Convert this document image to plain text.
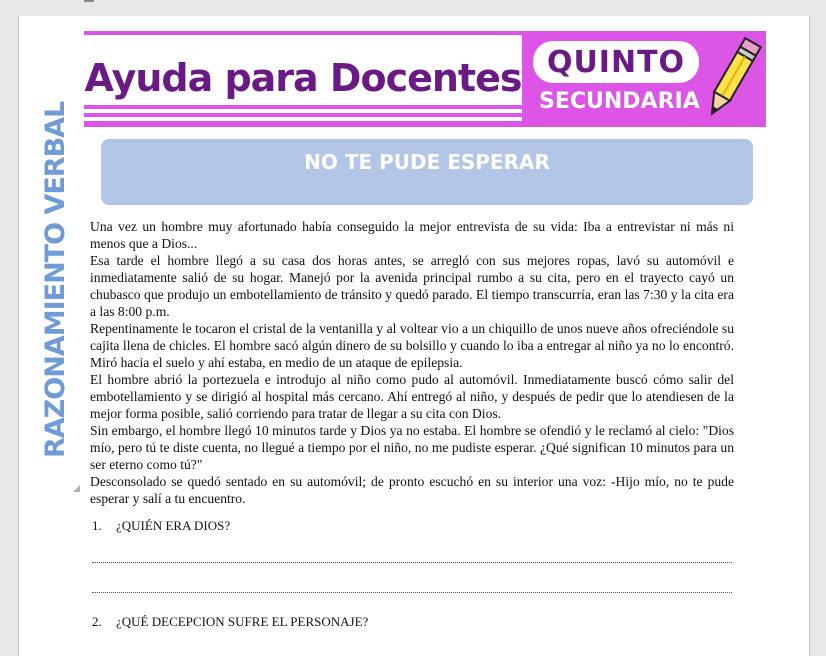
Ayuda para Docentes QUINTO
SECUNDARIA
RAZONAMIENTO VERBAL	NO TE PUDE ESPERAR

Una vez un hombre muy afortunado había conseguido la mejor entrevista de su vida: Iba a entrevistar ni más ni menos que a Dios...

Esa tarde el hombre llegó a su casa dos horas antes, se arregló con sus mejores ropas, lavó su automóvil e inmediatamente salió de su hogar. Manejó por la avenida principal rumbo a su cita, pero en el trayecto cayó un chubasco que produjo un embotellamiento de tránsito y quedó parado. El tiempo transcurría, eran las 7:30 y la cita era a las 8:00 p.m.

Repentinamente le tocaron el cristal de la ventanilla y al voltear vio a un chiquillo de unos nueve años ofreciéndole su cajita llena de chicles. El hombre sacó algún dinero de su bolsillo y cuando lo iba a entregar al niño ya no lo encontró. Miró hacia el suelo y ahí estaba, en medio de un ataque de epilepsia.

El hombre abrió la portezuela e introdujo al niño como pudo al automóvil. Inmediatamente buscó cómo salir del embotellamiento y se dirigió al hospital más cercano. Ahí entregó al niño, y después de pedir que lo atendiesen de la mejor forma posible, salió corriendo para tratar de llegar a su cita con Dios.

Sin embargo, el hombre llegó 10 minutos tarde y Dios ya no estaba. El hombre se ofendió y le reclamó al cielo: "Dios mío, pero tú te diste cuenta, no llegué a tiempo por el niño, no me pudiste esperar. ¿Qué significan 10 minutos para un ser eterno como tú?"

Desconsolado se quedó sentado en su automóvil; de pronto escuchó en su interior una voz: -Hijo mío, no te pude esperar y salí a tu encuentro.

1. ¿QUIÉN ERA DIOS?
2. ¿QUÉ DECEPCION SUFRE EL PERSONAJE?
